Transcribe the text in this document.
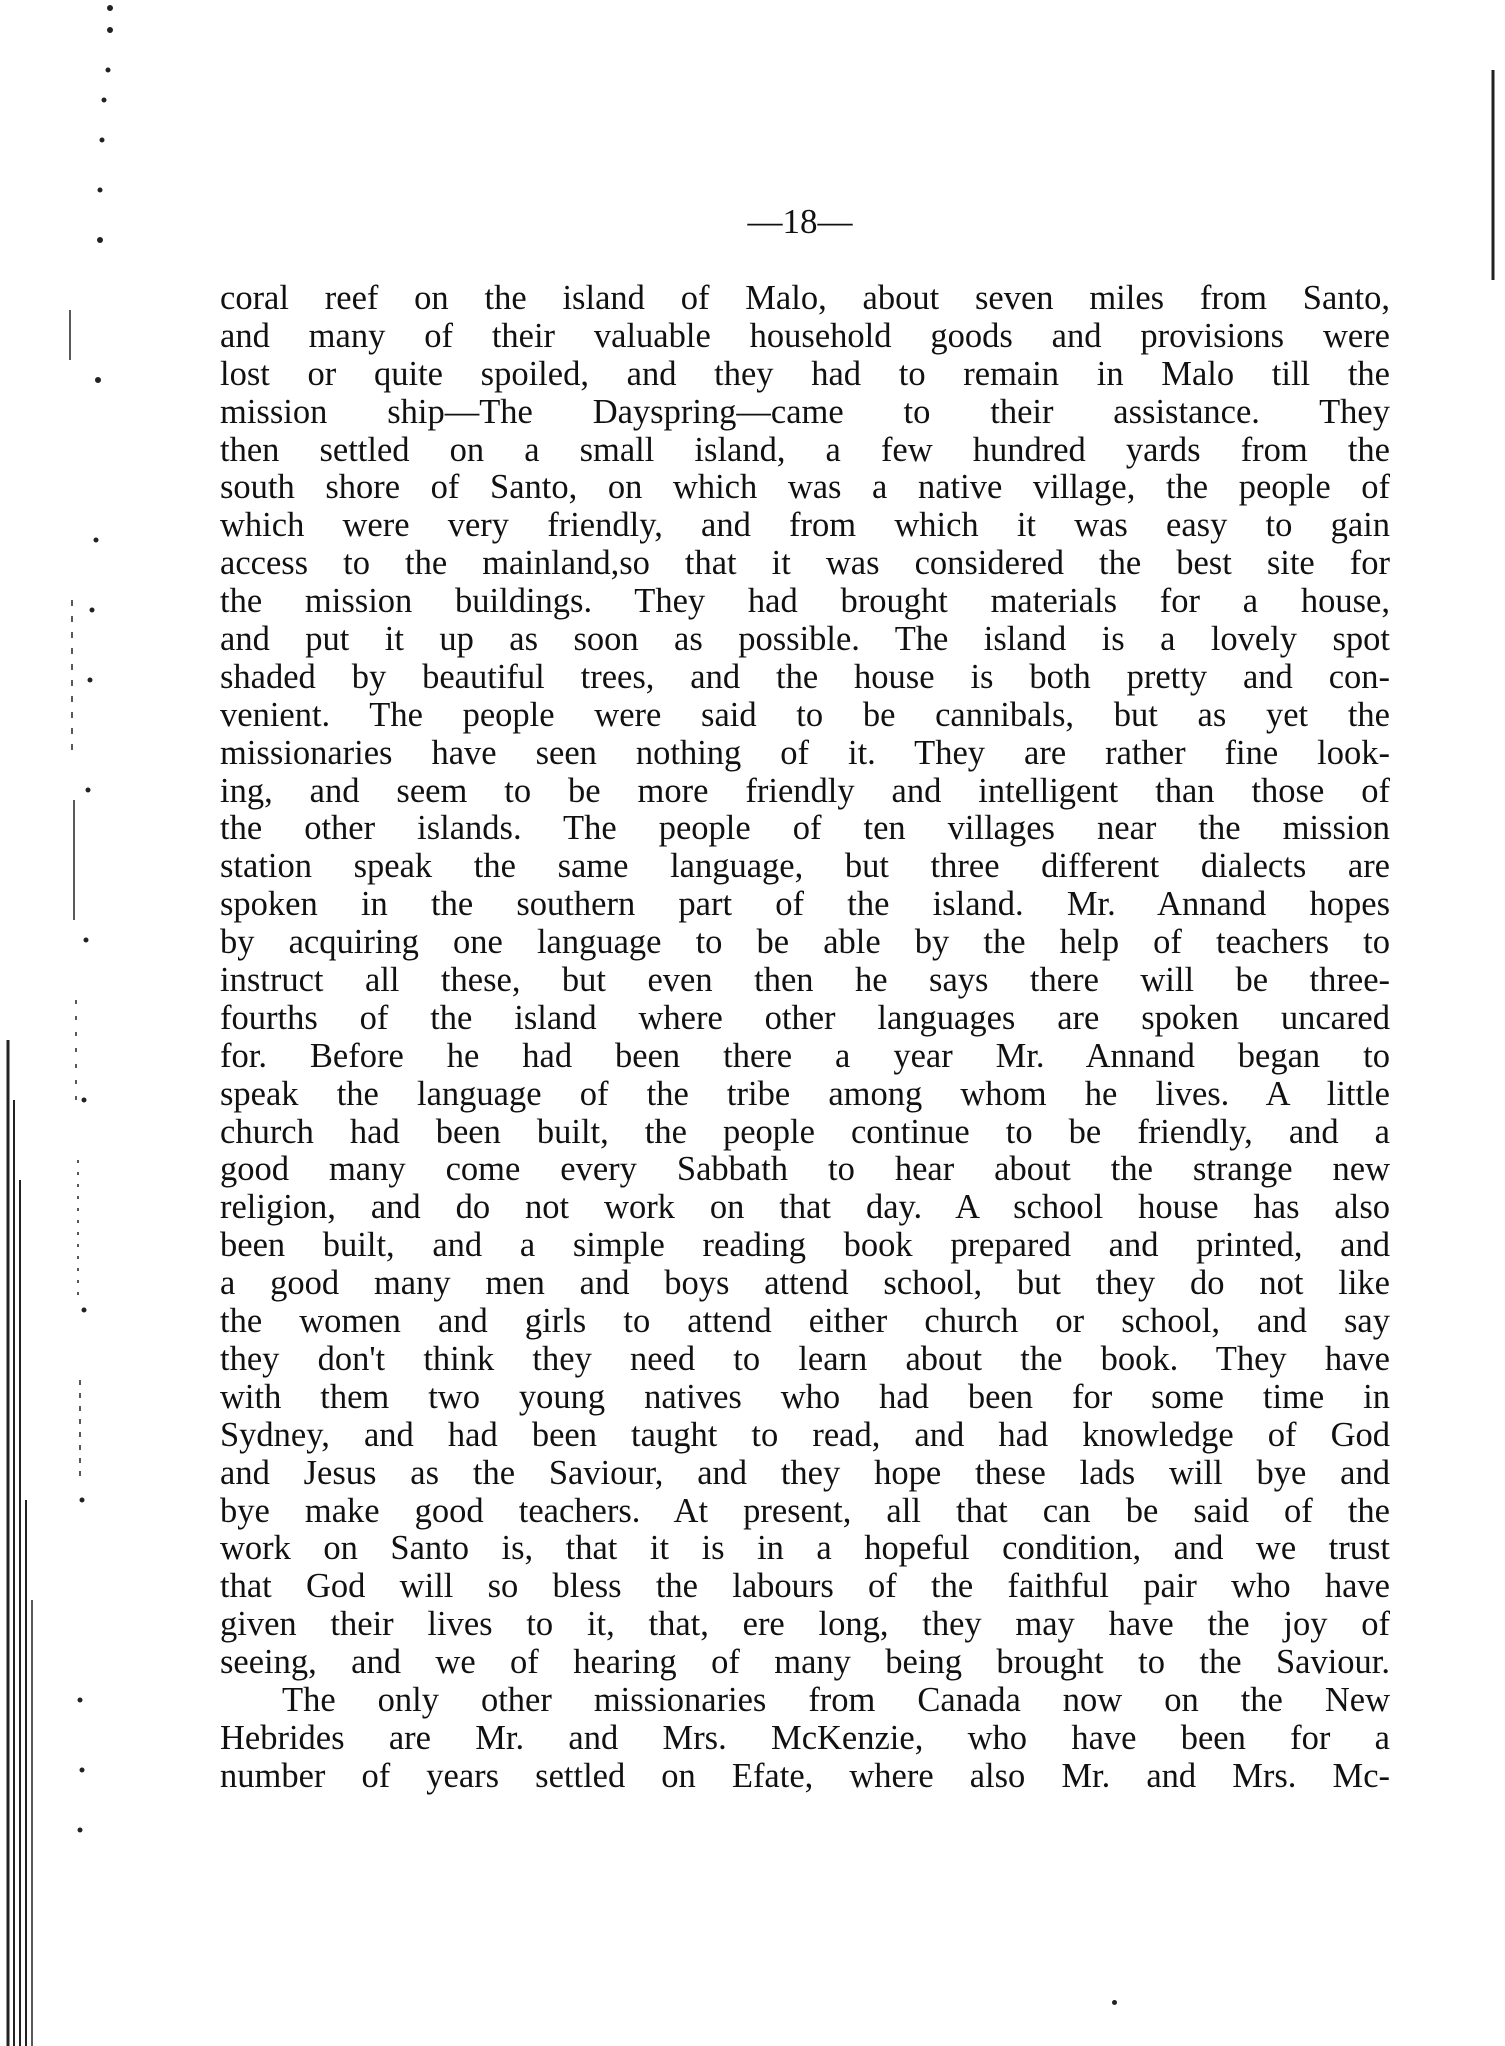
—18—
coral reef on the island of Malo, about seven miles from Santo,
and many of their valuable household goods and provisions were
lost or quite spoiled, and they had to remain in Malo till the
mission ship—The Dayspring—came to their assistance. They
then settled on a small island, a few hundred yards from the
south shore of Santo, on which was a native village, the people of
which were very friendly, and from which it was easy to gain
access to the mainland,so that it was considered the best site for
the mission buildings. They had brought materials for a house,
and put it up as soon as possible. The island is a lovely spot
shaded by beautiful trees, and the house is both pretty and con-
venient. The people were said to be cannibals, but as yet the
missionaries have seen nothing of it. They are rather fine look-
ing, and seem to be more friendly and intelligent than those of
the other islands. The people of ten villages near the mission
station speak the same language, but three different dialects are
spoken in the southern part of the island. Mr. Annand hopes
by acquiring one language to be able by the help of teachers to
instruct all these, but even then he says there will be three-
fourths of the island where other languages are spoken uncared
for. Before he had been there a year Mr. Annand began to
speak the language of the tribe among whom he lives. A little
church had been built, the people continue to be friendly, and a
good many come every Sabbath to hear about the strange new
religion, and do not work on that day. A school house has also
been built, and a simple reading book prepared and printed, and
a good many men and boys attend school, but they do not like
the women and girls to attend either church or school, and say
they don't think they need to learn about the book. They have
with them two young natives who had been for some time in
Sydney, and had been taught to read, and had knowledge of God
and Jesus as the Saviour, and they hope these lads will bye and
bye make good teachers. At present, all that can be said of the
work on Santo is, that it is in a hopeful condition, and we trust
that God will so bless the labours of the faithful pair who have
given their lives to it, that, ere long, they may have the joy of
seeing, and we of hearing of many being brought to the Saviour.
The only other missionaries from Canada now on the New
Hebrides are Mr. and Mrs. McKenzie, who have been for a
number of years settled on Efate, where also Mr. and Mrs. Mc-
